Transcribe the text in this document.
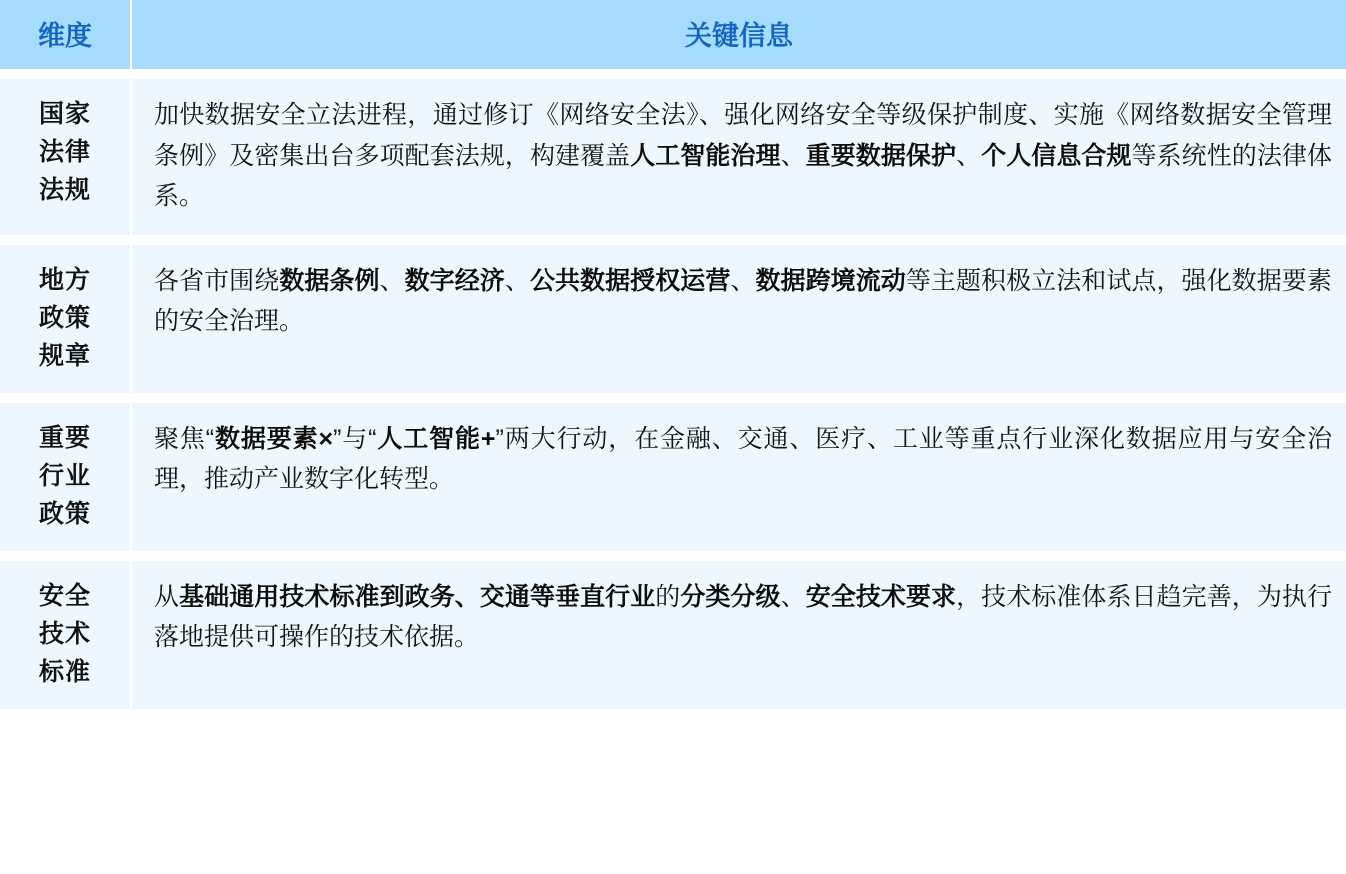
维度	关键信息

国家
法律
法规	加快数据安全立法进程，通过修订《网络安全法》、强化网络安全等级保护制度、实施《网络数据安全管理条例》及密集出台多项配套法规，构建覆盖人工智能治理、重要数据保护、个人信息合规等系统性的法律体系。

地方
政策
规章	各省市围绕数据条例、数字经济、公共数据授权运营、数据跨境流动等主题积极立法和试点，强化数据要素的安全治理。

重要
行业
政策	聚焦“数据要素×”与“人工智能+”两大行动，在金融、交通、医疗、工业等重点行业深化数据应用与安全治理，推动产业数字化转型。

安全
技术
标准	从基础通用技术标准到政务、交通等垂直行业的分类分级、安全技术要求，技术标准体系日趋完善，为执行落地提供可操作的技术依据。
